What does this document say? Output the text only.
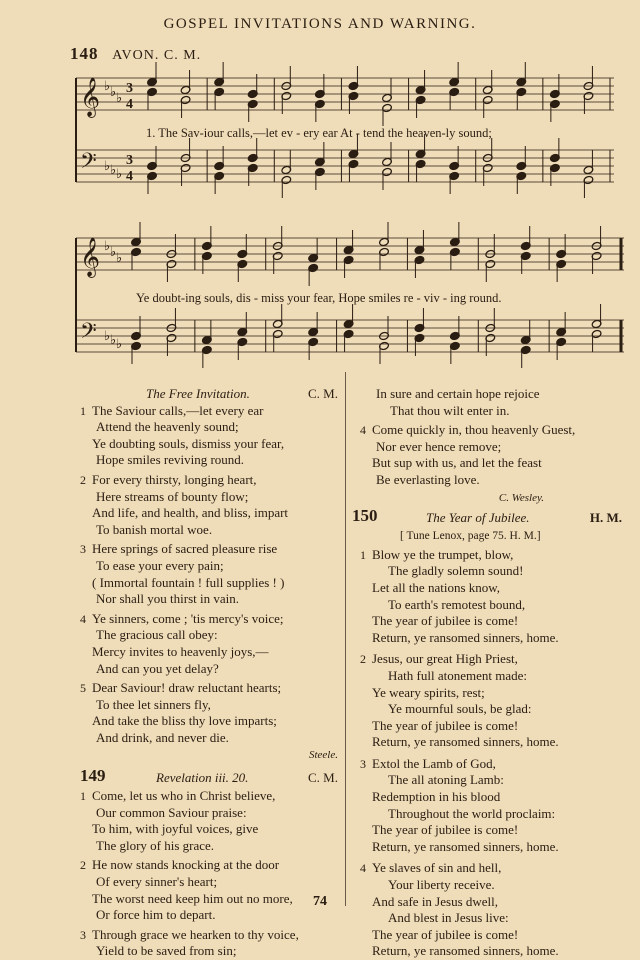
GOSPEL INVITATIONS AND WARNING.
148 AVON. C. M.
𝄞 ♭ ♭ ♭
3
4
𝄢 ♭ ♭ ♭
3
4
𝄞 ♭ ♭ ♭
𝄢 ♭ ♭ ♭
1. The Sav-iour calls,—let ev - ery ear At - tend the heaven-ly sound;
Ye doubt-ing souls, dis - miss your fear, Hope smiles re - viv - ing round.
The Free Invitation.	C. M.
1 The Saviour calls,—let every ear
Attend the heavenly sound;
Ye doubting souls, dismiss your fear,
Hope smiles reviving round.
2 For every thirsty, longing heart,
Here streams of bounty flow;
And life, and health, and bliss, impart
To banish mortal woe.
3 Here springs of sacred pleasure rise
To ease your every pain;
( Immortal fountain ! full supplies ! )
Nor shall you thirst in vain.
4 Ye sinners, come ; 'tis mercy's voice;
The gracious call obey:
Mercy invites to heavenly joys,—
And can you yet delay?
5 Dear Saviour! draw reluctant hearts;
To thee let sinners fly,
And take the bliss thy love imparts;
And drink, and never die.
Steele.
149	Revelation iii. 20.	C. M.
1 Come, let us who in Christ believe,
Our common Saviour praise:
To him, with joyful voices, give
The glory of his grace.
2 He now stands knocking at the door
Of every sinner's heart;
The worst need keep him out no more,
Or force him to depart.
3 Through grace we hearken to thy voice,
Yield to be saved from sin;
In sure and certain hope rejoice
That thou wilt enter in.
4 Come quickly in, thou heavenly Guest,
Nor ever hence remove;
But sup with us, and let the feast
Be everlasting love.
C. Wesley.
150	The Year of Jubilee.	H. M.
[ Tune Lenox, page 75. H. M.]
1 Blow ye the trumpet, blow,
The gladly solemn sound!
Let all the nations know,
To earth's remotest bound,
The year of jubilee is come!
Return, ye ransomed sinners, home.
2 Jesus, our great High Priest,
Hath full atonement made:
Ye weary spirits, rest;
Ye mournful souls, be glad:
The year of jubilee is come!
Return, ye ransomed sinners, home.
3 Extol the Lamb of God,
The all atoning Lamb:
Redemption in his blood
Throughout the world proclaim:
The year of jubilee is come!
Return, ye ransomed sinners, home.
4 Ye slaves of sin and hell,
Your liberty receive.
And safe in Jesus dwell,
And blest in Jesus live:
The year of jubilee is come!
Return, ye ransomed sinners, home.
74
